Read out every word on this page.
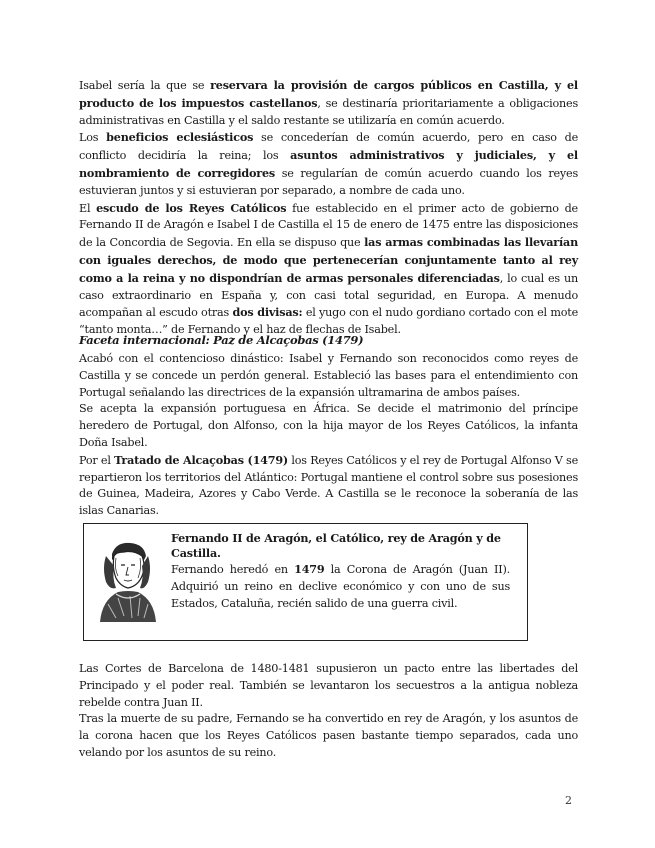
Isabel sería la que se reservara la provisión de cargos públicos en Castilla, y el producto de los impuestos castellanos, se destinaría prioritariamente a obligaciones administrativas en Castilla y el saldo restante se utilizaría en común acuerdo.

Los beneficios eclesiásticos se concederían de común acuerdo, pero en caso de conflicto decidiría la reina; los asuntos administrativos y judiciales, y el nombramiento de corregidores se regularían de común acuerdo cuando los reyes estuvieran juntos y si estuvieran por separado, a nombre de cada uno.

El escudo de los Reyes Católicos fue establecido en el primer acto de gobierno de Fernando II de Aragón e Isabel I de Castilla el 15 de enero de 1475 entre las disposiciones de la Concordia de Segovia. En ella se dispuso que las armas combinadas las llevarían con iguales derechos, de modo que pertenecerían conjuntamente tanto al rey como a la reina y no dispondrían de armas personales diferenciadas, lo cual es un caso extraordinario en España y, con casi total seguridad, en Europa. A menudo acompañan al escudo otras dos divisas: el yugo con el nudo gordiano cortado con el mote “tanto monta…” de Fernando y el haz de flechas de Isabel.

Faceta internacional: Paz de Alcaçobas (1479)

Acabó con el contencioso dinástico: Isabel y Fernando son reconocidos como reyes de Castilla y se concede un perdón general. Estableció las bases para el entendimiento con Portugal señalando las directrices de la expansión ultramarina de ambos países.

Se acepta la expansión portuguesa en África. Se decide el matrimonio del príncipe heredero de Portugal, don Alfonso, con la hija mayor de los Reyes Católicos, la infanta Doña Isabel.

Por el Tratado de Alcaçobas (1479) los Reyes Católicos y el rey de Portugal Alfonso V se repartieron los territorios del Atlántico: Portugal mantiene el control sobre sus posesiones de Guinea, Madeira, Azores y Cabo Verde. A Castilla se le reconoce la soberanía de las islas Canarias.

Fernando II de Aragón, el Católico, rey de Aragón y de Castilla.
Fernando heredó en 1479 la Corona de Aragón (Juan II). Adquirió un reino en declive económico y con uno de sus Estados, Cataluña, recién salido de una guerra civil.

Las Cortes de Barcelona de 1480-1481 supusieron un pacto entre las libertades del Principado y el poder real. También se levantaron los secuestros a la antigua nobleza rebelde contra Juan II.

Tras la muerte de su padre, Fernando se ha convertido en rey de Aragón, y los asuntos de la corona hacen que los Reyes Católicos pasen bastante tiempo separados, cada uno velando por los asuntos de su reino.

2
